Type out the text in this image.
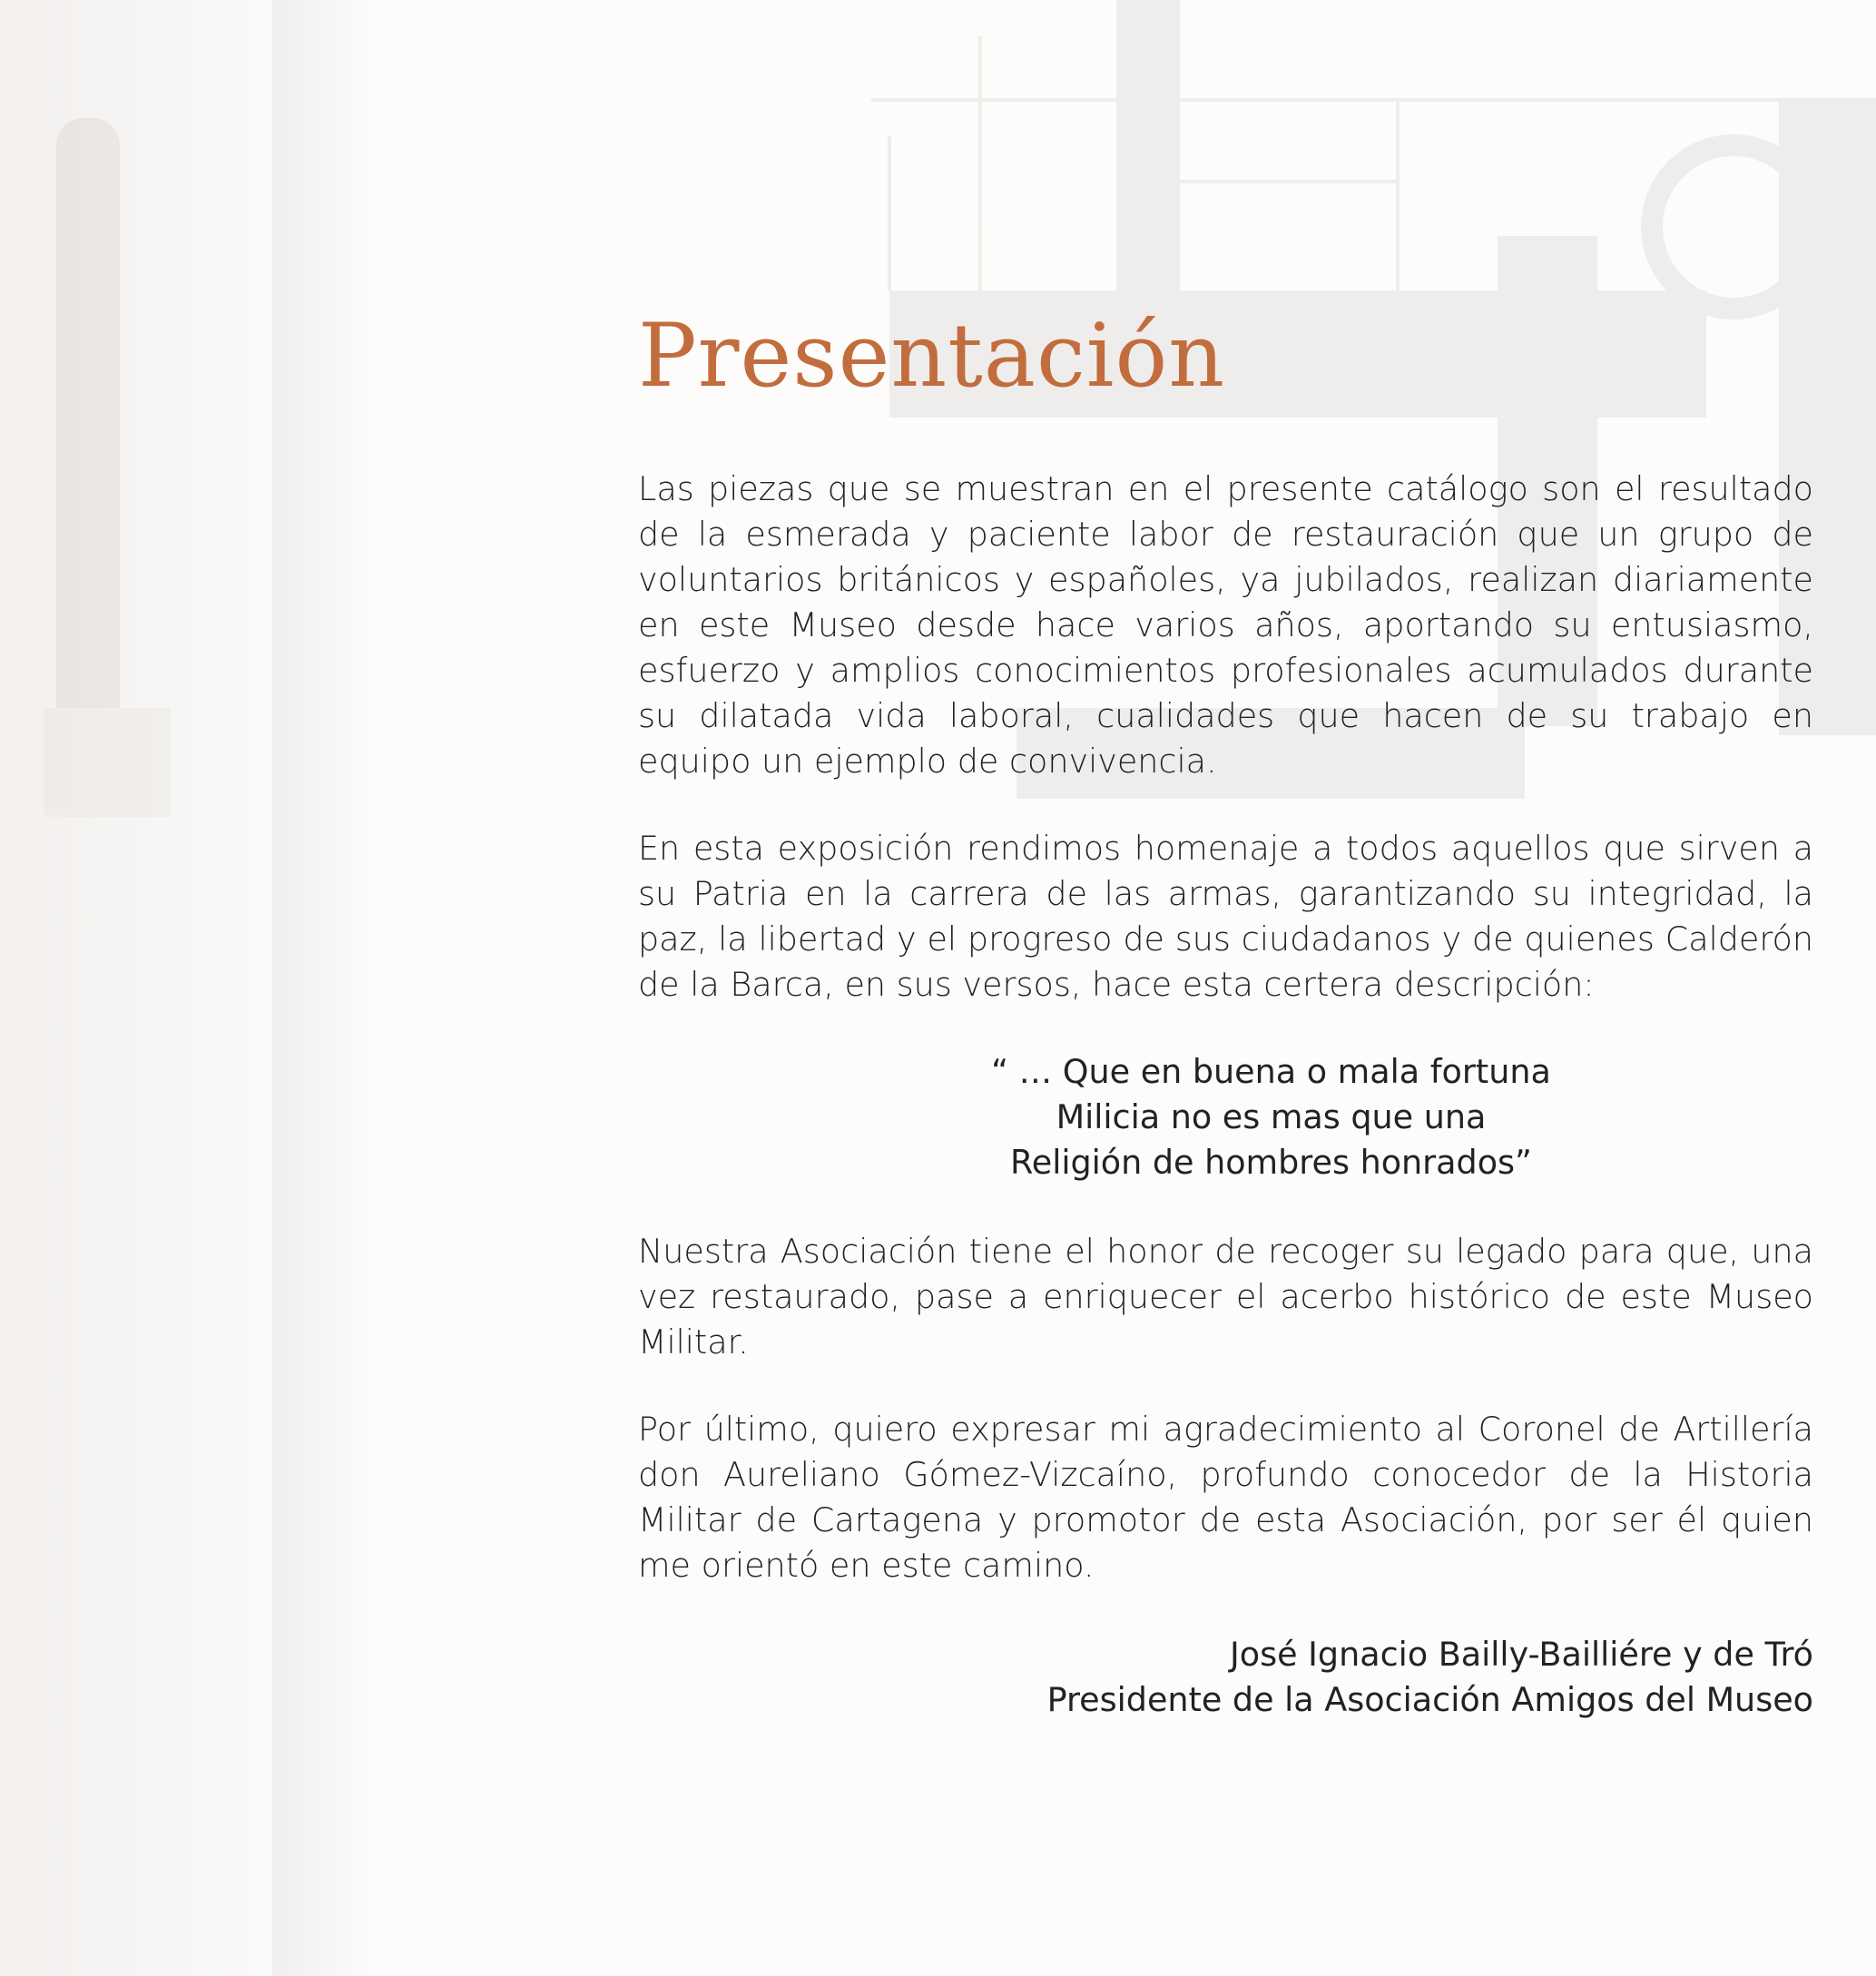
Presentación

Las piezas que se muestran en el presente catálogo son el resultado de la esmerada y paciente labor de restauración que un grupo de voluntarios británicos y españoles, ya jubilados, realizan diariamente en este Museo desde hace varios años, aportando su entusiasmo, esfuerzo y amplios conocimientos profesionales acumulados durante su dilatada vida laboral, cualidades que hacen de su trabajo en equipo un ejemplo de convivencia.

En esta exposición rendimos homenaje a todos aquellos que sirven a su Patria en la carrera de las armas, garantizando su integridad, la paz, la libertad y el progreso de sus ciudadanos y de quienes Calderón de la Barca, en sus versos, hace esta certera descripción:

“ … Que en buena o mala fortuna
Milicia no es mas que una
Religión de hombres honrados”

Nuestra Asociación tiene el honor de recoger su legado para que, una vez restaurado, pase a enriquecer el acerbo histórico de este Museo Militar.

Por último, quiero expresar mi agradecimiento al Coronel de Artillería don Aureliano Gómez-Vizcaíno, profundo conocedor de la Historia Militar de Cartagena y promotor de esta Asociación, por ser él quien me orientó en este camino.

José Ignacio Bailly-Bailliére y de Tró
Presidente de la Asociación Amigos del Museo
